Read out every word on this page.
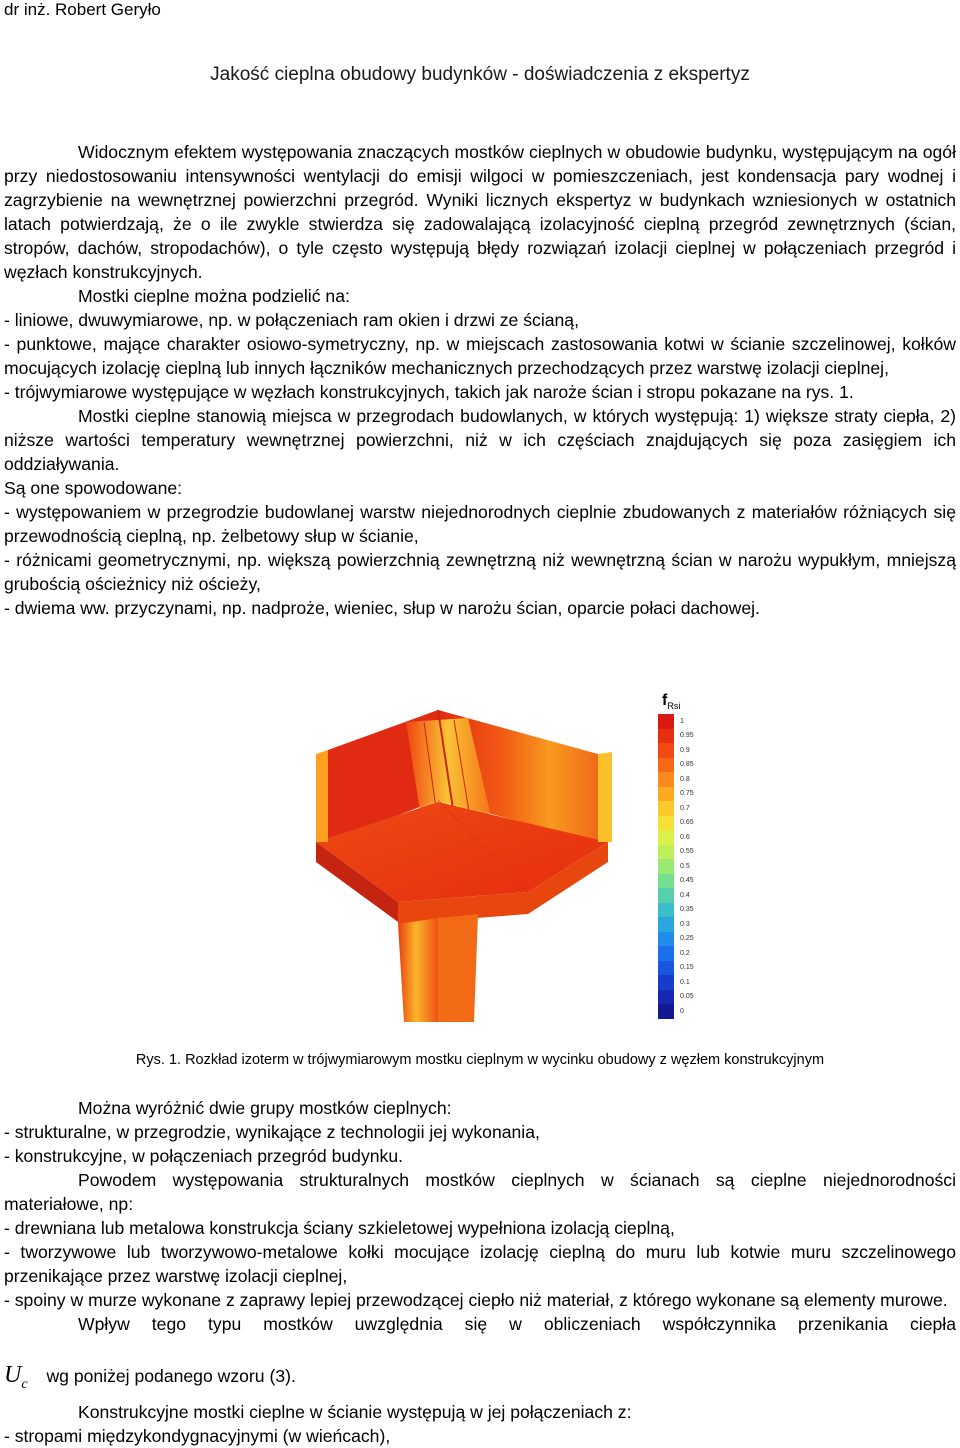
dr inż. Robert Geryło
Jakość cieplna obudowy budynków - doświadczenia z ekspertyz

Widocznym efektem występowania znaczących mostków cieplnych w obudowie budynku, występującym na ogół przy niedostosowaniu intensywności wentylacji do emisji wilgoci w pomieszczeniach, jest kondensacja pary wodnej i zagrzybienie na wewnętrznej powierzchni przegród. Wyniki licznych ekspertyz w budynkach wzniesionych w ostatnich latach potwierdzają, że o ile zwykle stwierdza się zadowalającą izolacyjność cieplną przegród zewnętrznych (ścian, stropów, dachów, stropodachów), o tyle często występują błędy rozwiązań izolacji cieplnej w połączeniach przegród i węzłach konstrukcyjnych.

Mostki cieplne można podzielić na:

- liniowe, dwuwymiarowe, np. w połączeniach ram okien i drzwi ze ścianą,

- punktowe, mające charakter osiowo-symetryczny, np. w miejscach zastosowania kotwi w ścianie szczelinowej, kołków mocujących izolację cieplną lub innych łączników mechanicznych przechodzących przez warstwę izolacji cieplnej,

- trójwymiarowe występujące w węzłach konstrukcyjnych, takich jak naroże ścian i stropu pokazane na rys. 1.

Mostki cieplne stanowią miejsca w przegrodach budowlanych, w których występują: 1) większe straty ciepła, 2) niższe wartości temperatury wewnętrznej powierzchni, niż w ich częściach znajdujących się poza zasięgiem ich oddziaływania.

Są one spowodowane:

- występowaniem w przegrodzie budowlanej warstw niejednorodnych cieplnie zbudowanych z materiałów różniących się przewodnością cieplną, np. żelbetowy słup w ścianie,

- różnicami geometrycznymi, np. większą powierzchnią zewnętrzną niż wewnętrzną ścian w narożu wypukłym, mniejszą grubością ościeżnicy niż ościeży,

- dwiema ww. przyczynami, np. nadproże, wieniec, słup w narożu ścian, oparcie połaci dachowej.

$f_{Rsi}$
1
0.95
0.9
0.85
0.8
0.75
0.7
0.65
0.6
0.55
0.5
0.45
0.4
0.35
0.3
0.25
0.2
0.15
0.1
0.05
0
Rys. 1. Rozkład izoterm w trójwymiarowym mostku cieplnym w wycinku obudowy z węzłem konstrukcyjnym

Można wyróżnić dwie grupy mostków cieplnych:

- strukturalne, w przegrodzie, wynikające z technologii jej wykonania,

- konstrukcyjne, w połączeniach przegród budynku.

Powodem występowania strukturalnych mostków cieplnych w ścianach są cieplne niejednorodności materiałowe, np:

- drewniana lub metalowa konstrukcja ściany szkieletowej wypełniona izolacją cieplną,

- tworzywowe lub tworzywowo-metalowe kołki mocujące izolację cieplną do muru lub kotwie muru szczelinowego przenikające przez warstwę izolacji cieplnej,

- spoiny w murze wykonane z zaprawy lepiej przewodzącej ciepło niż materiał, z którego wykonane są elementy murowe.

Wpływ tego typu mostków uwzględnia się w obliczeniach współczynnika przenikania ciepła

$U_c$ wg poniżej podanego wzoru (3).

Konstrukcyjne mostki cieplne w ścianie występują w jej połączeniach z:

- stropami międzykondygnacyjnymi (w wieńcach),
